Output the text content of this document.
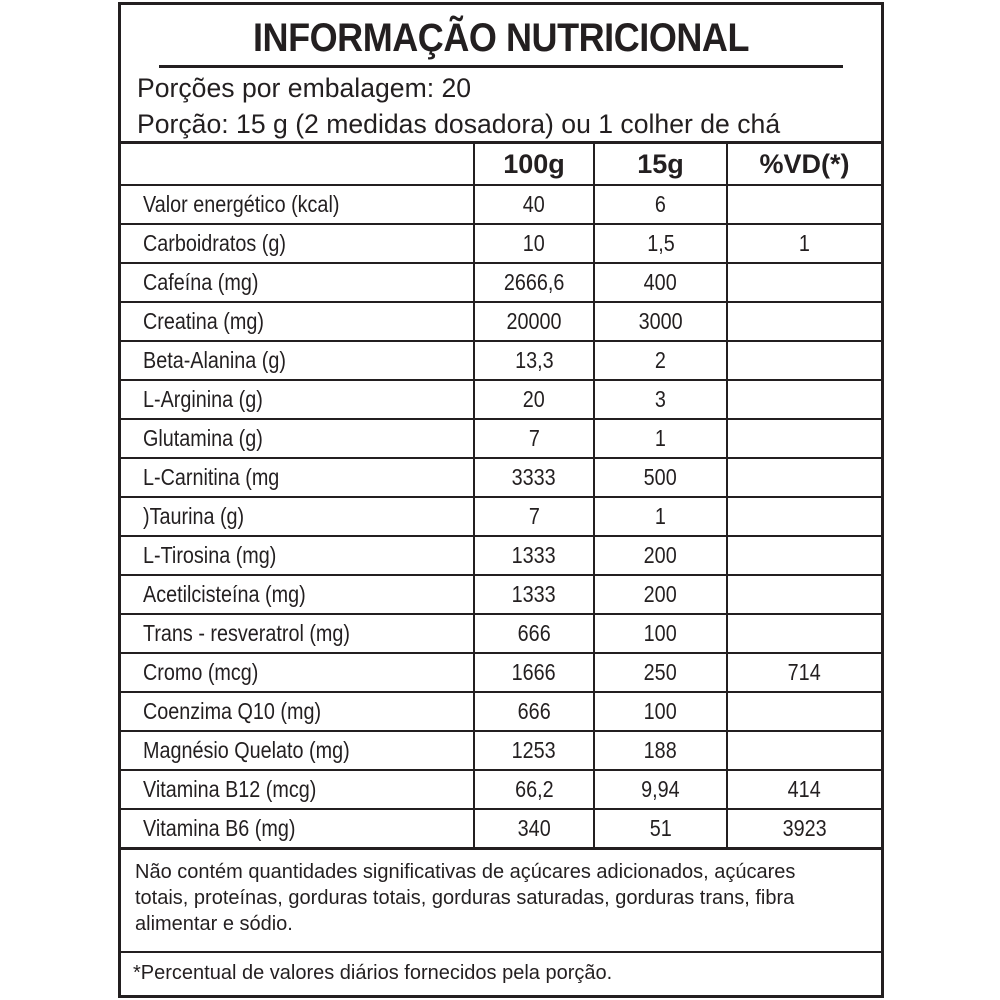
INFORMAÇÃO NUTRICIONAL
Porções por embalagem: 20
Porção: 15 g (2 medidas dosadora) ou 1 colher de chá
	100g	15g	%VD(*)
Valor energético (kcal)	40	6	
Carboidratos (g)	10	1,5	1
Cafeína (mg)	2666,6	400	
Creatina (mg)	20000	3000	
Beta-Alanina (g)	13,3	2	
L-Arginina (g)	20	3	
Glutamina (g)	7	1	
L-Carnitina (mg	3333	500	
)Taurina (g)	7	1	
L-Tirosina (mg)	1333	200	
Acetilcisteína (mg)	1333	200	
Trans - resveratrol (mg)	666	100	
Cromo (mcg)	1666	250	714
Coenzima Q10 (mg)	666	100	
Magnésio Quelato (mg)	1253	188	
Vitamina B12 (mcg)	66,2	9,94	414
Vitamina B6 (mg)	340	51	3923
Não contém quantidades significativas de açúcares adicionados, açúcares
totais, proteínas, gorduras totais, gorduras saturadas, gorduras trans, fibra
alimentar e sódio.
*Percentual de valores diários fornecidos pela porção.
